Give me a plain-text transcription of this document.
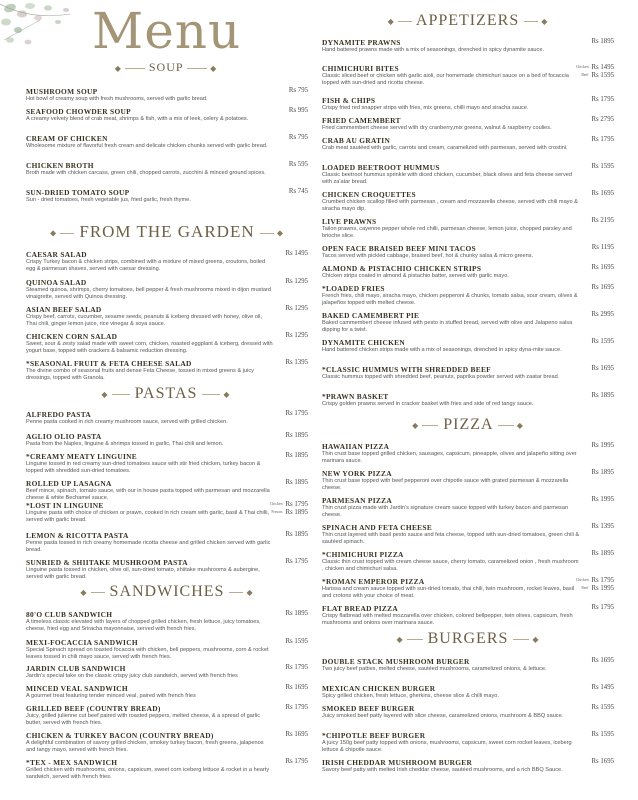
Menu
◆  SOUP	◆
MUSHROOM SOUP
Hot bowl of creamy soup with fresh mushrooms, served with garlic bread.
Rs 795
SEAFOOD CHOWDER SOUP
A creamy velvety blend of crab meat, shrimps & fish, with a mix of leek, celery & potatoes.
Rs 995
CREAM OF CHICKEN
Wholesome mixture of flavorful fresh cream and delicate chicken chunks served with garlic bread.
Rs 795
CHICKEN BROTH
Broth made with chicken carcass, green chili, chopped carrots, zucchini & minced ground spices.
Rs 595
SUN-DRIED TOMATO SOUP
Sun - dried tomatoes, fresh vegetable jus, fried garlic, fresh thyme.
Rs 745
◆  FROM THE GARDEN  ◆
CAESAR SALAD
Crispy Turkey bacon & chicken strips, combined with a mixture of mixed greens, croutons, boiled egg & parmesan shaves, served with caesar dressing.
Rs 1495
QUINOA SALAD
Steamed quinoa, shrimps, cherry tomatoes, bell pepper & fresh mushrooms mixed in dijon mustard vinaigrette, served with Quinoa dressing.
Rs 1295
ASIAN BEEF SALAD
Crispy beef, carrots, cucumber, sesame seeds, peanuts & iceberg dressed with honey, olive oil, Thai chili, ginger lemon juice, rice vinegar & soya sauce.
Rs 1295
CHICKEN CORN SALAD
Sweet, sour & zesty salad made with sweet corn, chicken, roasted eggplant & iceberg, dressed with yogurt base, topped with crackers & balsamic reduction dressing.
Rs 1295
*SEASONAL FRUIT & FETA CHEESE SALAD
The divine combo of seasonal fruits and dense Feta Cheese, tossed in mixed greens & juicy dressings, topped with Granola.
Rs 1395
◆  PASTAS	◆
ALFREDO PASTA
Penne pasta cooked in rich creamy mushroom sauce, served with grilled chicken.
Rs 1795
AGLIO OLIO PASTA
Pasta from the Naples, linguine & shrimps tossed in garlic, Thai chili and lemon.
Rs 1895
*CREAMY MEATY LINGUINE
Linguine tossed in red creamy sun-dried tomatoes sauce with stir fried chicken, turkey bacon & topped with shredded sun-dried tomatoes.
Rs 1895
ROLLED UP LASAGNA
Beef mince, spinach, tomato sauce, with our in house pasta topped with parmesan and mozzarella cheese & white Bechamel sauce.
Rs 1895
*LOST IN LINGUINE
Linguine pasta with choice of chicken or prawn, cooked in rich cream with garlic, basil & Thai chilli, served with garlic bread.
Chicken Rs 1795
Prawns Rs 1895
LEMON & RICOTTA PASTA
Penne pasta tossed in rich creamy homemade ricotta cheese and grilled chicken served with garlic bread.
Rs 1895
SUNRIED & SHIITAKE MUSHROOM PASTA
Linguine pasta tossed in chicken, olive oil, sun-dried tomato, shiitake mushrooms & aubergine, served with garlic bread.
Rs 1795
◆  SANDWICHES  ◆
80'O CLUB SANDWICH
A timeless classic elevated with layers of chopped grilled chicken, fresh lettuce, juicy tomatoes, cheese, fried egg and Sriracha mayonnaise, served with french fries.
Rs 1895
MEXI-FOCACCIA SANDWICH
Special Spinach spread on toasted focaccia with chicken, bell peppers, mushrooms, corn & rocket leaves tossed in chili mayo sauce, served with french fries.
Rs 1595
JARDIN CLUB SANDWICH
Jardin's special take on the classic crispy juicy club sandwich, served with french fries
Rs 1795
MINCED VEAL SANDWICH
A gourmet treat featuring tender minced veal, paired with french fries
Rs 1695
GRILLED BEEF (COUNTRY BREAD)
Juicy, grilled julienne cut beef paired with roasted peppers, melted cheese, & a spread of garlic butter, served with french fries.
Rs 1795
CHICKEN & TURKEY BACON (COUNTRY BREAD)
A delightful combination of savory grilled chicken, smokey turkey bacon, fresh greens, jalapenos and tangy mayo, served with french fries.
Rs 1695
*TEX - MEX SANDWICH
Grilled chicken with mushrooms, onions, capsicum, sweet corn iceberg lettuce & rocket in a hearty sandwich, served with french fries.
Rs 1795
◆  APPETIZERS  ◆
DYNAMITE PRAWNS
Hand battered prawns made with a mix of seasonings, drenched in spicy dynamite sauce.
Rs 1895
CHIMICHURI BITES
Classic sliced beef or chicken with garlic aioli, our homemade chimichuri sauce on a bed of focaccia topped with sun-dried and ricotta cheese.
Chicken Rs 1495
Beef Rs 1595
FISH & CHIPS
Crispy fried red snapper strips with fries, mix greens, chilli mayo and siracha sauce.
Rs 1795
FRIED CAMEMBERT
Fried cammembert cheese served with dry cranberry,mix greens, walnut & raspberry coulies.
Rs 2795
CRAB AU GRATIN
Crab meat sautéed with garlic, carrots and cream, caramelized with parmesan, served with crostini.
Rs 1795
LOADED BEETROOT HUMMUS
Classic beetroot hummus sprinkle with diced chicken, cucumber, black olives and feta cheese served with za'atar bread.
Rs 1595
CHICKEN CROQUETTES
Crumbed chicken scallop filled with parmesan , cream and mozzarella cheese, served with chili mayo & siracha mayo dip.
Rs 1695
LIVE PRAWNS
Tailon prawns, cayenne pepper whole red chilli, parmesan cheese, lemon juice, chopped parsley and brioche slice.
Rs 2195
OPEN FACE BRAISED BEEF MINI TACOS
Tacos served with pickled cabbage, braised beef, hot & chunky salsa & micro greens.
Rs 1195
ALMOND & PISTACHIO CHICKEN STRIPS
Chicken strips coated in almond & pistachio batter, served with garlic mayo.
Rs 1695
*LOADED FRIES
French fries, chili mayo, siracha mayo, chicken pepperoni & chunks, tomato salsa, sour cream, olives & jalapeños topped with melted cheese.
Rs 1695
BAKED CAMEMBERT PIE
Baked cammembert cheese infused with pesto in stuffed bread, served with olive and Jalapeno salsa dipping for a twist.
Rs 2995
DYNAMITE CHICKEN
Hand battered chicken strips made with a mix of seasonings, drenched in spicy dyna-mite sauce.
Rs 1595
*CLASSIC HUMMUS WITH SHREDDED BEEF
Classic hummus topped with shredded beef, peanuts, paprika powder served with zaatar bread.
Rs 1695
*PRAWN BASKET
Crispy golden prawns served in cracker basket with fries and side of red tangy sauce.
Rs 1895
◆  PIZZA	◆
HAWAIIAN PIZZA
Thin crust base topped grilled chicken, sausages, capsicum, pineapple, olives and jalapeño sitting over marinara sauce.
Rs 1995
NEW YORK PIZZA
Thin crust base topped with beef pepperoni over chipotle sauce with grated parmesan & mozzarella cheese.
Rs 1895
PARMESAN PIZZA
Thin crust pizza made with Jardin's signature cream sauce topped with turkey bacon and parmesan cheese.
Rs 1995
SPINACH AND FETA CHEESE
Thin crust layered with basil pesto sauce and feta cheese, topped with sun-dried tomatoes, green chili & sautéed spinach.
Rs 1395
*CHIMICHURI PIZZA
Classic thin crust topped with cream cheese sauce, cherry tomato, caramelized onion , fresh mushroom , chicken and chimichuri salsa.
Rs 1895
*ROMAN EMPEROR PIZZA
Harissa and cream sauce topped with sun-dried tomato, thai chili, twin mushroom, rocket leaves, basil and crotons with your choice of meat.
Chicken Rs 1795
Beef Rs 1995
FLAT BREAD PIZZA
Crispy flatbread with melted mozzarella over chicken, colored bellpepper, twin olives, capsicum, fresh mushrooms and onions over marinara sauce.
Rs 1795
◆  BURGERS	◆
DOUBLE STACK MUSHROOM BURGER
Two juicy beef patties, melted cheese, sautéed mushrooms, caramelized onions, & lettuce.
Rs 1695
MEXICAN CHICKEN BURGER
Spicy grilled chicken, fresh lettuce, gherkins, cheese slice & chilli mayo.
Rs 1495
SMOKED BEEF BURGER
Juicy smoked beef patty layered with slice cheese, caramelized onions, mushroom & BBQ sauce.
Rs 1595
*CHIPOTLE BEEF BURGER
A juicy 150g beef patty topped with onions, mushrooms, capsicum, sweet corn rocket leaves, iceberg lettuce & chipotle sauce.
Rs 1595
IRISH CHEDDAR MUSHROOM BURGER
Savory beef patty with melted Irish cheddar cheese, sautéed mushrooms, and a rich BBQ Sauce.
Rs 1695
